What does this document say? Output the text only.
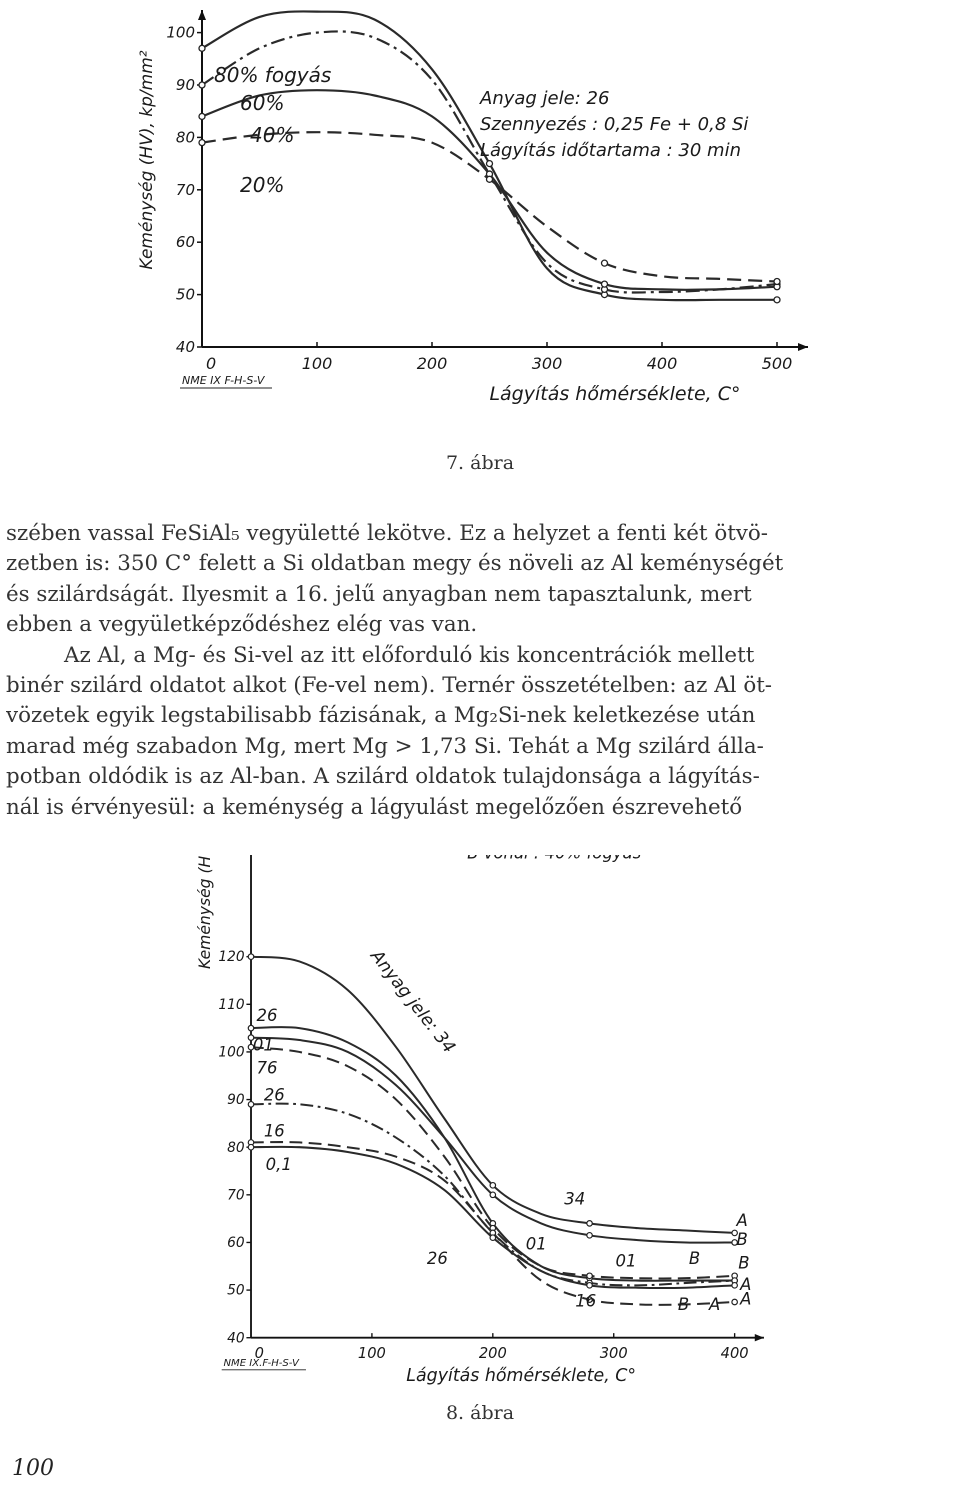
40
50
60
70
80
90
100
0	100	200	300	400	500
Keménység (HV), kp/mm²
Lágyítás hőmérséklete, C°
NME IX F-H-S-V
Anyag jele: 26
Szennyezés : 0,25 Fe + 0,8 Si
Lágyítás időtartama : 30 min
80% fogyás
60%
40%
20%
7. ábra

szében vassal FeSiAl₅ vegyületté lekötve. Ez a helyzet a fenti két ötvö-

zetben is: 350 C° felett a Si oldatban megy és növeli az Al keménységét

és szilárdságát. Ilyesmit a 16. jelű anyagban nem tapasztalunk, mert

ebben a vegyületképződéshez elég vas van.

Az Al, a Mg- és Si-vel az itt előforduló kis koncentrációk mellett

binér szilárd oldatot alkot (Fe-vel nem). Ternér összetételben: az Al öt-

vözetek egyik legstabilisabb fázisának, a Mg₂Si-nek keletkezése után

marad még szabadon Mg, mert Mg > 1,73 Si. Tehát a Mg szilárd álla-

potban oldódik is az Al-ban. A szilárd oldatok tulajdonsága a lágyítás-

nál is érvényesül: a keménység a lágyulást megelőzően észrevehető

40
50
60
70
80
90
100
110
120
0	100	200	300	400
Keménység (HV), kp/mm²
Lágyítás hőmérséklete, C°
NME IX.F-H-S-V
Anyag jele: 34
26
01
76
26
16
0,1
34
A
B
01	B B
A
A
16	B A
26
01
8. ábra
100
